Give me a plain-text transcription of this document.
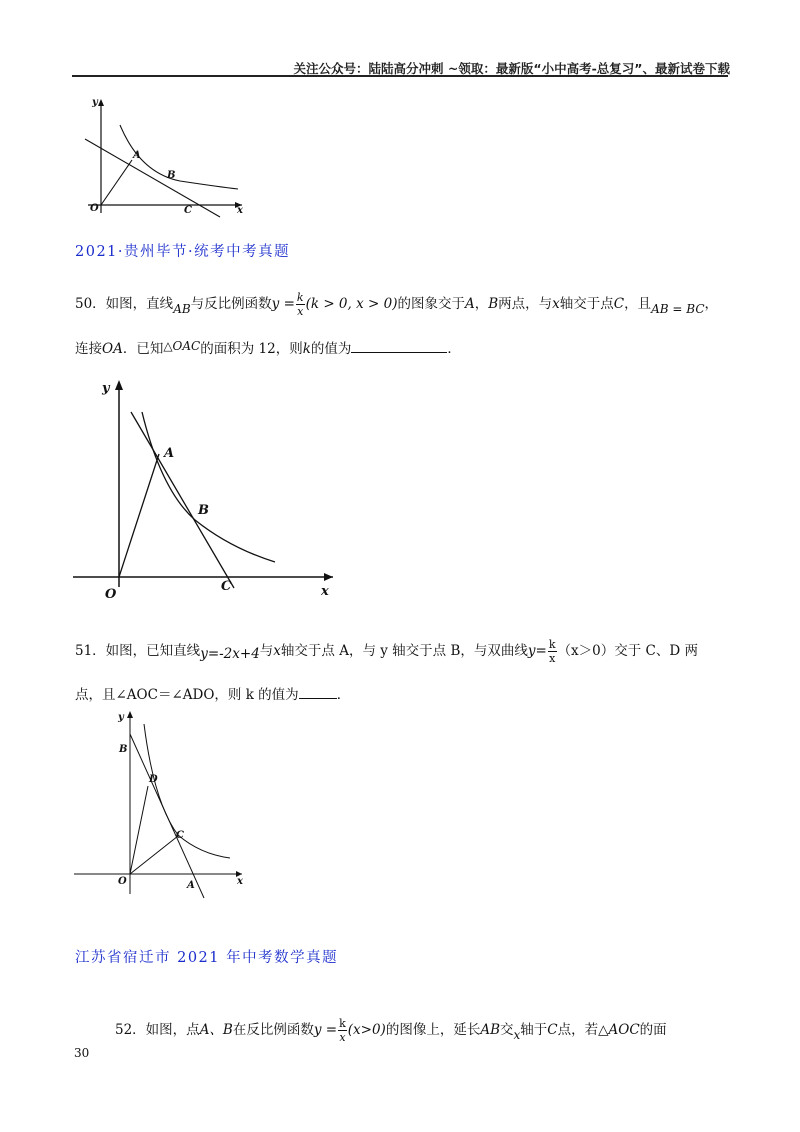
关注公众号：陆陆高分冲刺 ~领取：最新版“小中高考-总复习”、最新试卷下载
y
A
B
O	C	x
2021·贵州毕节·统考中考真题
50．如图，直线AB与反比例函数$y = \frac{k}{x} (k > 0$, x > 0)的图象交于A，B两点，与x轴交于点C，且AB = BC，
连接OA．已知△OAC的面积为 12，则k的值为	．
y
A
B
O
C	x
51．如图，已知直线y=-2x+4与x轴交于点 A，与 y 轴交于点 B，与双曲线$y= \frac{k}{x} (x>0)$交于 C、D 两
点，且∠AOC＝∠ADO，则 k 的值为	．
y
B
D
C
O	A	x
江苏省宿迁市 2021 年中考数学真题
52．如图，点A、B在反比例函数$y = \frac{k}{x} (x>0)$的图像上，延长AB交x轴于C点，若△AOC的面
30
